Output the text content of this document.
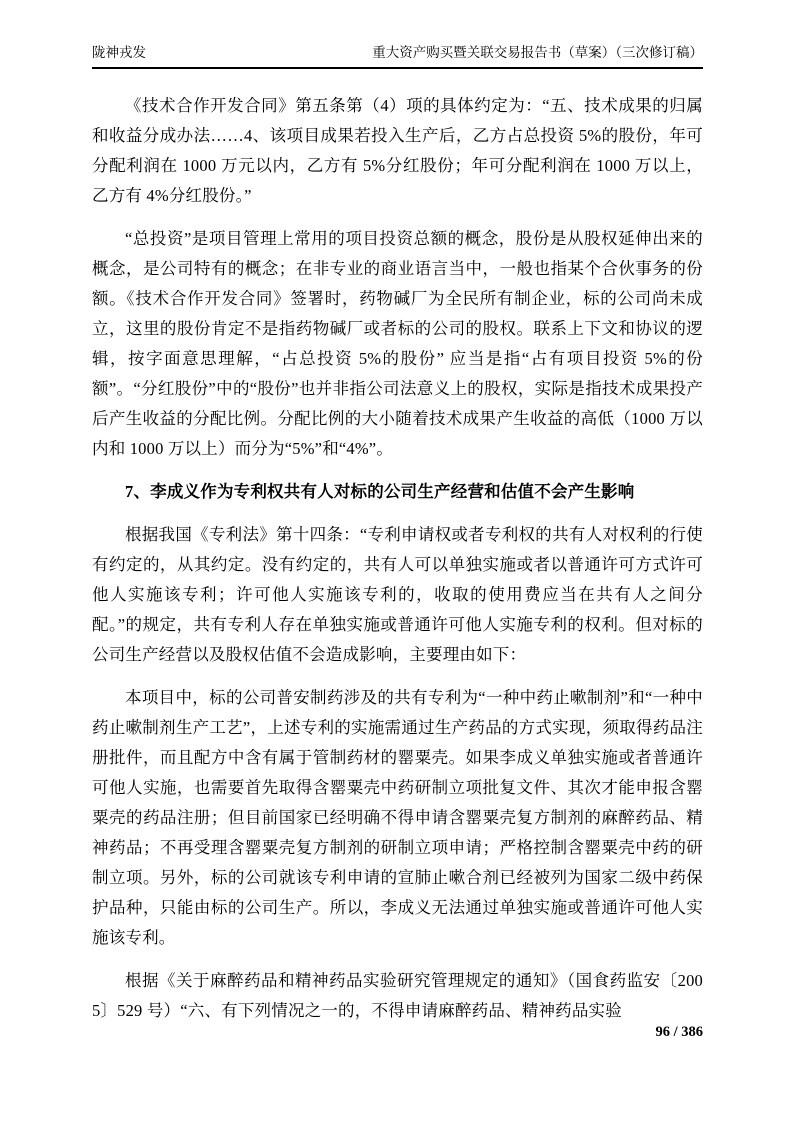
陇神戎发	重大资产购买暨关联交易报告书（草案）（三次修订稿）

《技术合作开发合同》第五条第（4）项的具体约定为：“五、技术成果的归属和收益分成办法……4、该项目成果若投入生产后，乙方占总投资 5%的股份，年可分配利润在 1000 万元以内，乙方有 5%分红股份；年可分配利润在 1000 万以上，乙方有 4%分红股份。”

“总投资”是项目管理上常用的项目投资总额的概念，股份是从股权延伸出来的概念，是公司特有的概念；在非专业的商业语言当中，一般也指某个合伙事务的份额。《技术合作开发合同》签署时，药物碱厂为全民所有制企业，标的公司尚未成立，这里的股份肯定不是指药物碱厂或者标的公司的股权。联系上下文和协议的逻辑，按字面意思理解，“占总投资 5%的股份” 应当是指“占有项目投资 5%的份额”。“分红股份”中的“股份”也并非指公司法意义上的股权，实际是指技术成果投产后产生收益的分配比例。分配比例的大小随着技术成果产生收益的高低（1000 万以内和 1000 万以上）而分为“5%”和“4%”。

7、李成义作为专利权共有人对标的公司生产经营和估值不会产生影响

根据我国《专利法》第十四条：“专利申请权或者专利权的共有人对权利的行使有约定的，从其约定。没有约定的，共有人可以单独实施或者以普通许可方式许可他人实施该专利；许可他人实施该专利的，收取的使用费应当在共有人之间分配。”的规定，共有专利人存在单独实施或普通许可他人实施专利的权利。但对标的公司生产经营以及股权估值不会造成影响，主要理由如下：

本项目中，标的公司普安制药涉及的共有专利为“一种中药止嗽制剂”和“一种中药止嗽制剂生产工艺”，上述专利的实施需通过生产药品的方式实现，须取得药品注册批件，而且配方中含有属于管制药材的罂粟壳。如果李成义单独实施或者普通许可他人实施，也需要首先取得含罂粟壳中药研制立项批复文件、其次才能申报含罂粟壳的药品注册；但目前国家已经明确不得申请含罂粟壳复方制剂的麻醉药品、精神药品；不再受理含罂粟壳复方制剂的研制立项申请；严格控制含罂粟壳中药的研制立项。另外，标的公司就该专利申请的宣肺止嗽合剂已经被列为国家二级中药保护品种，只能由标的公司生产。所以，李成义无法通过单独实施或普通许可他人实施该专利。

根据《关于麻醉药品和精神药品实验研究管理规定的通知》（国食药监安〔2005〕529 号）“六、有下列情况之一的，不得申请麻醉药品、精神药品实验

96 / 386
